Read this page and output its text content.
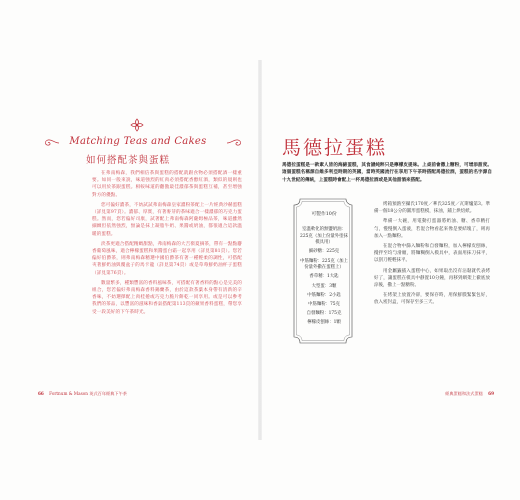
Matching Teas and Cakes
如何搭配茶與蛋糕

在弗南梅森，我們相信茶與蛋糕的搭配就跟食物必須搭配酒一樣重要。如同一般來說，味道強烈的紅肉必須搭配香醇紅酒，類似的規則也可以用於茶跟蛋糕。相較味道的翻傲最佳濃郁茶與蛋糕互補，甚至增強對方的優點。

您可偏好濃茶，不妨試試弗南梅森皇家濃粉茶配上一片經典沙赫蛋糕（詳見第97頁）。濃郁、厚實，有著麥芽的茶味適合一樣濃郁的巧克力蛋糕。然而，您若偏好司康，試著配上弗南梅森阿薩姆極品茶，味道雖然細緻但依然強烈，無論是抹上凝脂牛奶、果醬或奶油，都很適合這款溫暖的蛋糕。

淡茶更適合搭配精緻甜點，弗南梅森的大吉嶺夏摘茶，帶有一點點麝香葡萄風味，適合檸檬蛋糕和果醬蛋白霜一起享用（詳見第81頁）。您若偏好伯爵茶，則弗南梅森精選中國伯爵茶有著一種輕柔的調性，可搭配夾著鮮奶油與覆盆子的馬卡龍（詳見第74頁）或是草莓鮮奶油杯子蛋糕（詳見第76頁）。

數量繁多，種類豐富的香料風味茶，可搭配有著香料的點心是完美的組合，您若偏好弗南梅森香料錫蘭茶，由於這款茶葉本身帶有清新的辛香味，不妨選擇配上肉桂捲或巧克力脆片餅乾一同享用。或是可以參考我們的茶品，以豐富的滋味和香氣搭配第113頁的蘋果香料蛋糕，帶您享受一段美好的下午茶時光。

66 Fortnum & Mason 英式百年經典下午茶
馬德拉蛋糕
馬德拉蛋糕是一款素人皆的海綿蛋糕，其食譜純粹只是檸檬皮提味。上桌前會撒上糖粉，可增添甜度。這個蛋糕名稱源自維多利亞時期的英國，當時英國流行在享用下午茶時搭配馬德拉酒，蛋糕的名字源自十九世紀的傳統，上蛋糕時會配上一杯馬德拉酒或是其他甜酒來搭配。
可製作10份
室溫軟化的無鹽奶油：225克（加上份量外塗抹模具用）
細砂糖：225克
中筋麵粉：225克（加上份量外撒在蛋糕上）
香草精：1大匙
大型蛋：3顆
中筋麵粉：2小匙
中筋麵粉：75克
自發麵粉：175克
檸檬皮刨絲：1顆

烤箱預熱至攝氏170度／華氏325度／瓦斯爐第3。準備一個18公分的圓形蛋糕模，抹油，鋪上烘焙紙。

準備一大碗，用電動打蛋器將奶油、糖、香草精打勻，慢慢倒入蛋液，若混合物看起來像是要結塊了，則再加入一點麵粉。

在混合物中篩入麵粉和自發麵粉，加入檸檬皮刨絲，攪拌至均勻滑順，將麵糊倒入模具中，表面用抹刀抹平，以刮刀輕輕抹平。

用金屬籤插入蛋糕中心，如果取出沒有沾黏就代表烤好了，讓蛋糕在模具中靜置10分鐘，再移到網架上徹底放涼後，撒上一點糖粉。

在烤架上放置冷卻，要保存時，用保鮮膜緊緊包好，放入密封盒，可保存至多三天。

經典蛋糕和法式蛋糕 69
